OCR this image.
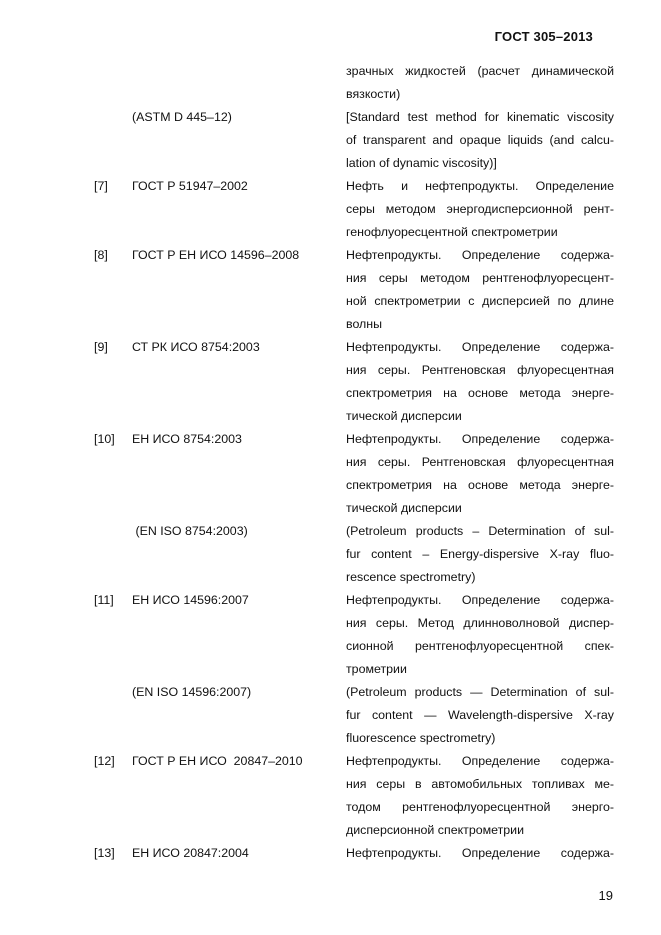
ГОСТ 305–2013
зрачных жидкостей (расчет динамической
вязкости)
(ASTM D 445–12)	[Standard test method for kinematic viscosity
of transparent and opaque liquids (and calcu-
lation of dynamic viscosity)]
[7] ГОСТ Р 51947–2002	Нефть и нефтепродукты. Определение
серы методом энергодисперсионной рент-
генофлуоресцентной спектрометрии
[8] ГОСТ Р ЕН ИСО 14596–2008	Нефтепродукты. Определение содержа-
ния серы методом рентгенофлуоресцент-
ной спектрометрии с дисперсией по длине
волны
[9] СТ РК ИСО 8754:2003	Нефтепродукты. Определение содержа-
ния серы. Рентгеновская флуоресцентная
спектрометрия на основе метода энерге-
тической дисперсии
[10] ЕН ИСО 8754:2003	Нефтепродукты. Определение содержа-
ния серы. Рентгеновская флуоресцентная
спектрометрия на основе метода энерге-
тической дисперсии
(EN ISO 8754:2003)	(Petroleum products – Determination of sul-
fur content – Energy-dispersive X-ray fluo-
rescence spectrometry)
[11] ЕН ИСО 14596:2007	Нефтепродукты. Определение содержа-
ния серы. Метод длинноволновой диспер-
сионной рентгенофлуоресцентной спек-
трометрии
(EN ISO 14596:2007)	(Petroleum products — Determination of sul-
fur content — Wavelength-dispersive X-ray
fluorescence spectrometry)
[12] ГОСТ Р ЕН ИСО  20847–2010	Нефтепродукты. Определение содержа-
ния серы в автомобильных топливах ме-
тодом рентгенофлуоресцентной энерго-
дисперсионной спектрометрии
[13] ЕН ИСО 20847:2004	Нефтепродукты. Определение содержа-
19
